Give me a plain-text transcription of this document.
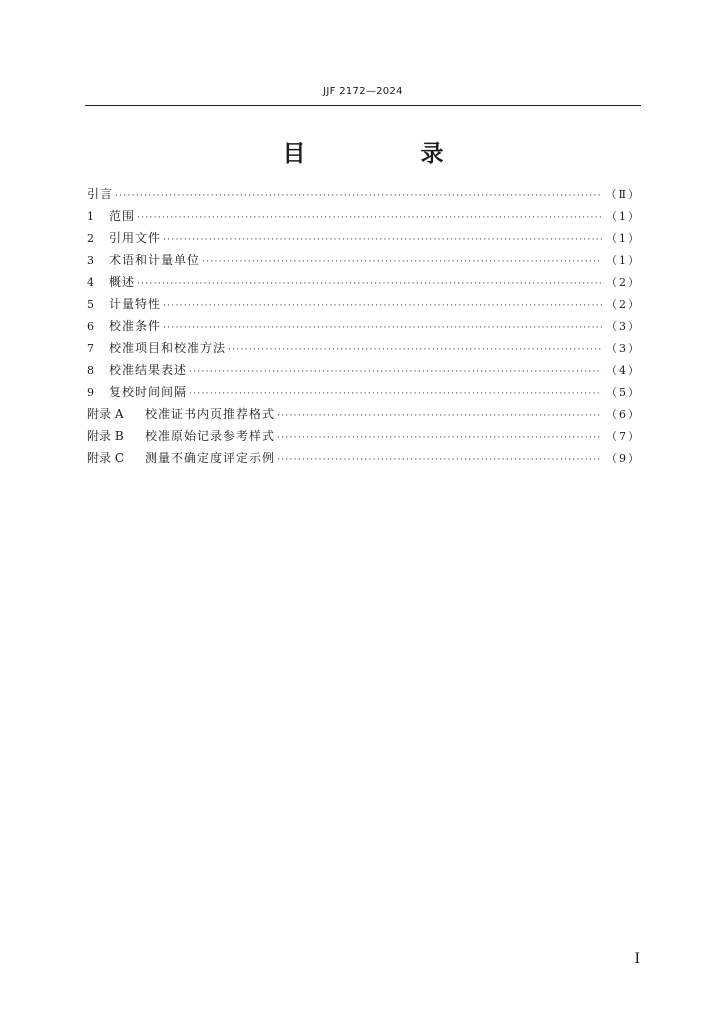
JJF 2172—2024
目　录
引言 ·····	（Ⅱ）
1	范围 ·····	（1）
2	引用文件 ·····	（1）
3	术语和计量单位 ·····	（1）
4	概述 ·····	（2）
5	计量特性 ·····	（2）
6	校准条件 ·····	（3）
7	校准项目和校准方法 ·····	（3）
8	校准结果表述 ·····	（4）
9	复校时间间隔 ·····	（5）
附录 A	校准证书内页推荐格式 ·····	（6）
附录 B	校准原始记录参考样式 ·····	（7）
附录 C	测量不确定度评定示例 ·····	（9）
I
